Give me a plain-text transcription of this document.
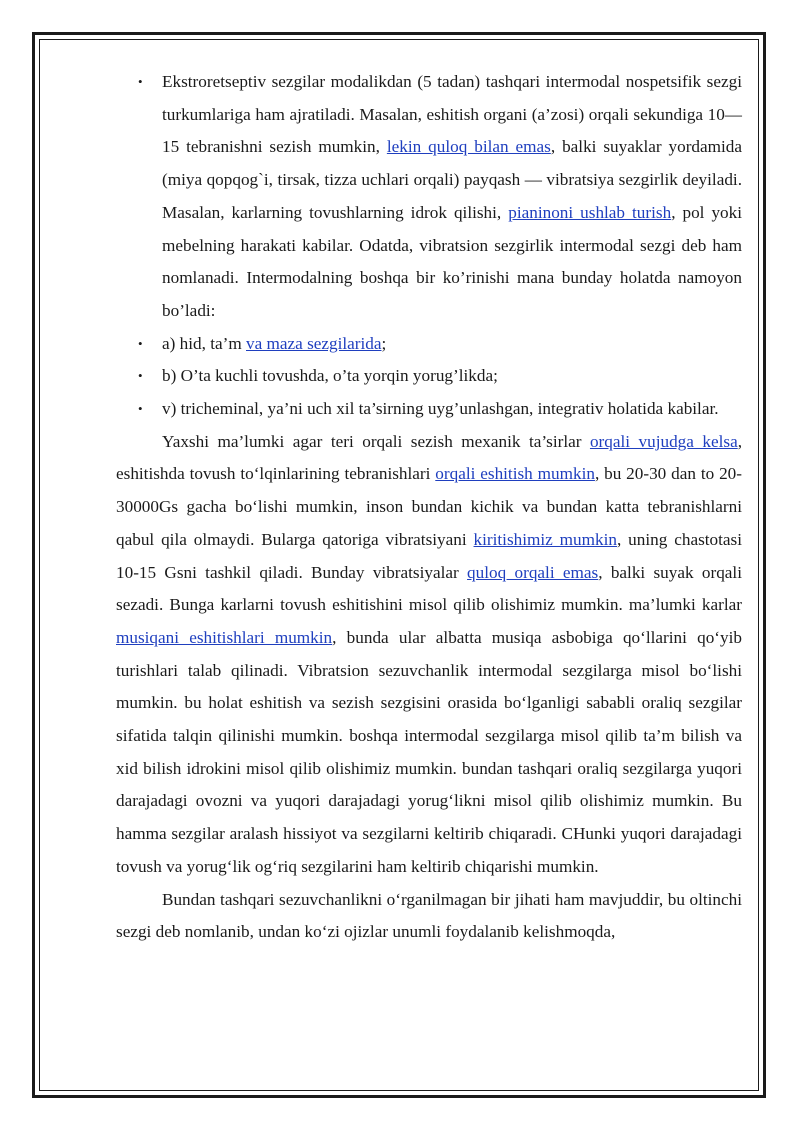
• Ekstroretseptiv sezgilar modalikdan (5 tadan) tashqari intermodal nospetsifik sezgi turkumlariga ham ajratiladi. Masalan, eshitish organi (a’zosi) orqali sekundiga 10—15 tebranishni sezish mumkin, lekin quloq bilan emas, balki suyaklar yordamida (miya qopqog`i, tirsak, tizza uchlari orqali) payqash — vibratsiya sezgirlik deyiladi. Masalan, karlarning tovushlarning idrok qilishi, pianinoni ushlab turish, pol yoki mebelning harakati kabilar. Odatda, vibratsion sezgirlik intermodal sezgi deb ham nomlanadi. Intermodalning boshqa bir ko’rinishi mana bunday holatda namoyon bo’ladi:
• a) hid, ta’m va maza sezgilarida;
• b) O’ta kuchli tovushda, o’ta yorqin yorug’likda;
• v) tricheminal, ya’ni uch xil ta’sirning uyg’unlashgan, integrativ holatida kabilar.

Yaxshi ma’lumki agar teri orqali sezish mexanik ta’sirlar orqali vujudga kelsa, eshitishda tovush to‘lqinlarining tebranishlari orqali eshitish mumkin, bu 20-30 dan to 20-30000Gs gacha bo‘lishi mumkin, inson bundan kichik va bundan katta tebranishlarni qabul qila olmaydi. Bularga qatoriga vibratsiyani kiritishimiz mumkin, uning chastotasi 10-15 Gsni tashkil qiladi. Bunday vibratsiyalar quloq orqali emas, balki suyak orqali sezadi. Bunga karlarni tovush eshitishini misol qilib olishimiz mumkin. ma’lumki karlar musiqani eshitishlari mumkin, bunda ular albatta musiqa asbobiga qo‘llarini qo‘yib turishlari talab qilinadi. Vibratsion sezuvchanlik intermodal sezgilarga misol bo‘lishi mumkin. bu holat eshitish va sezish sezgisini orasida bo‘lganligi sababli oraliq sezgilar sifatida talqin qilinishi mumkin. boshqa intermodal sezgilarga misol qilib ta’m bilish va xid bilish idrokini misol qilib olishimiz mumkin. bundan tashqari oraliq sezgilarga yuqori darajadagi ovozni va yuqori darajadagi yorug‘likni misol qilib olishimiz mumkin. Bu hamma sezgilar aralash hissiyot va sezgilarni keltirib chiqaradi. CHunki yuqori darajadagi tovush va yorug‘lik og‘riq sezgilarini ham keltirib chiqarishi mumkin.

Bundan tashqari sezuvchanlikni o‘rganilmagan bir jihati ham mavjuddir, bu oltinchi sezgi deb nomlanib, undan ko‘zi ojizlar unumli foydalanib kelishmoqda,
